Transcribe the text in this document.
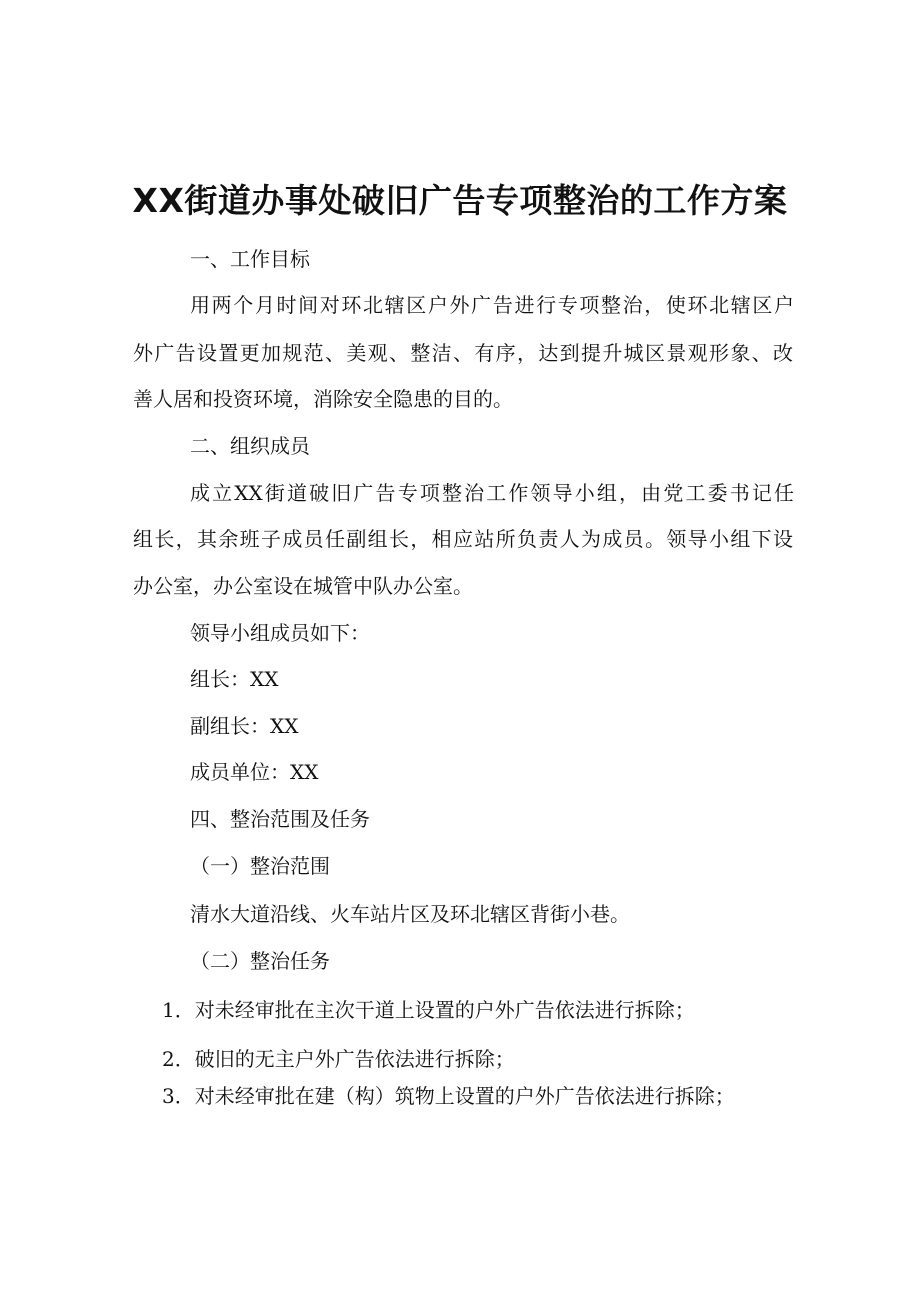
XX街道办事处破旧广告专项整治的工作方案

一、工作目标

用两个月时间对环北辖区户外广告进行专项整治，使环北辖区户

外广告设置更加规范、美观、整洁、有序，达到提升城区景观形象、改

善人居和投资环境，消除安全隐患的目的。

二、组织成员

成立XX街道破旧广告专项整治工作领导小组，由党工委书记任

组长，其余班子成员任副组长，相应站所负责人为成员。领导小组下设

办公室，办公室设在城管中队办公室。

领导小组成员如下：

组长：XX

副组长：XX

成员单位：XX

四、整治范围及任务

（一）整治范围

清水大道沿线、火车站片区及环北辖区背街小巷。

（二）整治任务

1．对未经审批在主次干道上设置的户外广告依法进行拆除；

2．破旧的无主户外广告依法进行拆除；

3．对未经审批在建（构）筑物上设置的户外广告依法进行拆除；
